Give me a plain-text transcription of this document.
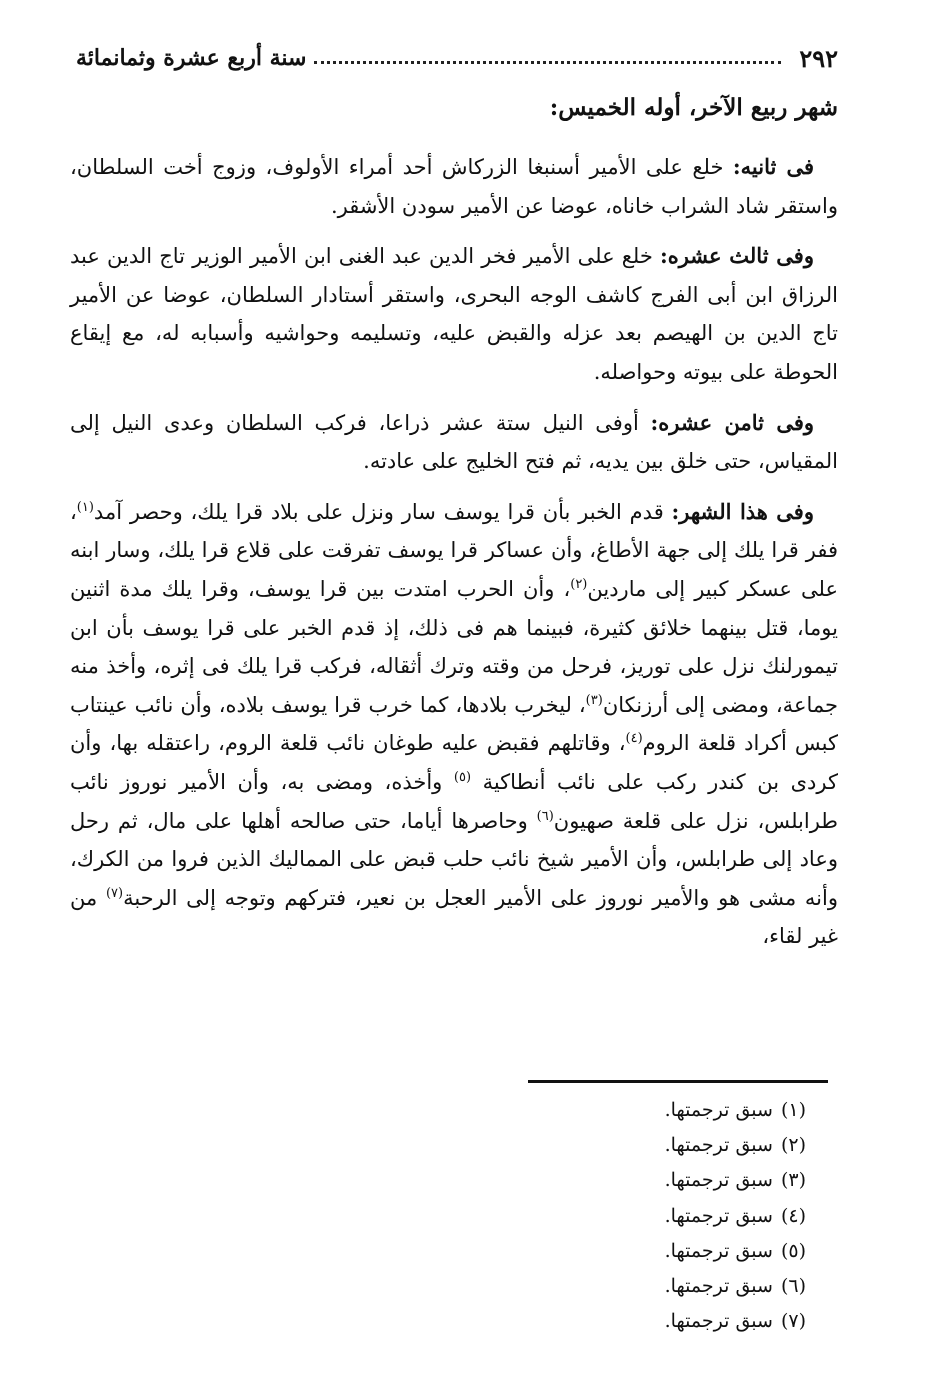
٢٩٢
سنة أربع عشرة وثمانمائة
شهر ربيع الآخر، أوله الخميس:

فى ثانيه: خلع على الأمير أسنبغا الزركاش أحد أمراء الأولوف، وزوج أخت السلطان، واستقر شاد الشراب خاناه، عوضا عن الأمير سودن الأشقر.

وفى ثالث عشره: خلع على الأمير فخر الدين عبد الغنى ابن الأمير الوزير تاج الدين عبد الرزاق ابن أبى الفرج كاشف الوجه البحرى، واستقر أستادار السلطان، عوضا عن الأمير تاج الدين بن الهيصم بعد عزله والقبض عليه، وتسليمه وحواشيه وأسبابه له، مع إيقاع الحوطة على بيوته وحواصله.

وفى ثامن عشره: أوفى النيل ستة عشر ذراعا، فركب السلطان وعدى النيل إلى المقياس، حتى خلق بين يديه، ثم فتح الخليج على عادته.

وفى هذا الشهر: قدم الخبر بأن قرا يوسف سار ونزل على بلاد قرا يلك، وحصر آمد$^{(١)}$، ففر قرا يلك إلى جهة الأطاغ، وأن عساكر قرا يوسف تفرقت على قلاع قرا يلك، وسار ابنه على عسكر كبير إلى ماردين$^{(٢)}$، وأن الحرب امتدت بين قرا يوسف، وقرا يلك مدة اثنين يوما، قتل بينهما خلائق كثيرة، فبينما هم فى ذلك، إذ قدم الخبر على قرا يوسف بأن ابن تيمورلنك نزل على توريز، فرحل من وقته وترك أثقاله، فركب قرا يلك فى إثره، وأخذ منه جماعة، ومضى إلى أرزنكان$^{(٣)}$، ليخرب بلادها، كما خرب قرا يوسف بلاده، وأن نائب عينتاب كبس أكراد قلعة الروم$^{(٤)}$، وقاتلهم فقبض عليه طوغان نائب قلعة الروم، راعتقله بها، وأن كردى بن كندر ركب على نائب أنطاكية $^{(٥)}$ وأخذه، ومضى به، وأن الأمير نوروز نائب طرابلس، نزل على قلعة صهيون$^{(٦)}$ وحاصرها أياما، حتى صالحه أهلها على مال، ثم رحل وعاد إلى طرابلس، وأن الأمير شيخ نائب حلب قبض على المماليك الذين فروا من الكرك، وأنه مشى هو والأمير نوروز على الأمير العجل بن نعير، فتركهم وتوجه إلى الرحبة$^{(٧)}$ من غير لقاء،

(١)سبق ترجمتها.
(٢)سبق ترجمتها.
(٣)سبق ترجمتها.
(٤)سبق ترجمتها.
(٥)سبق ترجمتها.
(٦)سبق ترجمتها.
(٧)سبق ترجمتها.
